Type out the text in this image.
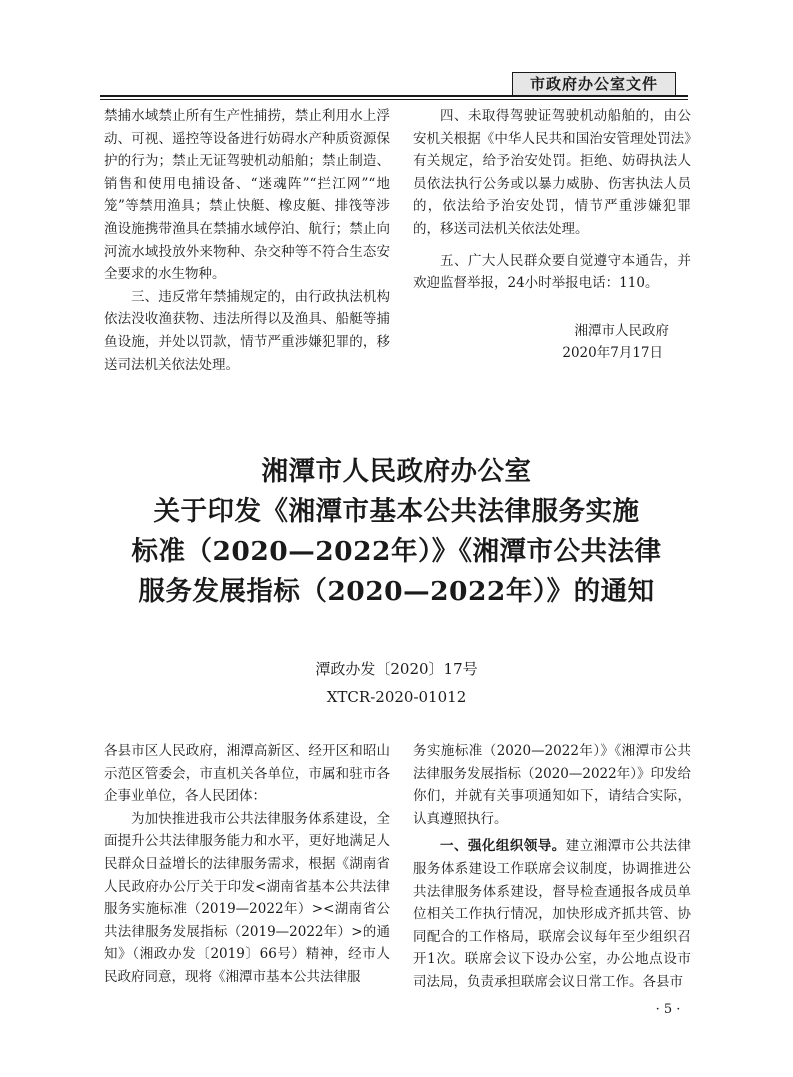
市政府办公室文件

禁捕水域禁止所有生产性捕捞，禁止利用水上浮动、可视、遥控等设备进行妨碍水产种质资源保护的行为；禁止无证驾驶机动船舶；禁止制造、销售和使用电捕设备、“迷魂阵”“拦江网”“地笼”等禁用渔具；禁止快艇、橡皮艇、排筏等涉渔设施携带渔具在禁捕水域停泊、航行；禁止向河流水域投放外来物种、杂交种等不符合生态安全要求的水生物种。

三、违反常年禁捕规定的，由行政执法机构依法没收渔获物、违法所得以及渔具、船艇等捕鱼设施，并处以罚款，情节严重涉嫌犯罪的，移送司法机关依法处理。

四、未取得驾驶证驾驶机动船舶的，由公安机关根据《中华人民共和国治安管理处罚法》有关规定，给予治安处罚。拒绝、妨碍执法人员依法执行公务或以暴力威胁、伤害执法人员的，依法给予治安处罚，情节严重涉嫌犯罪的，移送司法机关依法处理。

五、广大人民群众要自觉遵守本通告，并欢迎监督举报，24小时举报电话：110。

湘潭市人民政府

2020年7月17日

湘潭市人民政府办公室
关于印发《湘潭市基本公共法律服务实施
标准（2020—2022年）》《湘潭市公共法律
服务发展指标（2020—2022年）》的通知
潭政办发〔2020〕17号
XTCR-2020-01012

各县市区人民政府，湘潭高新区、经开区和昭山示范区管委会，市直机关各单位，市属和驻市各企事业单位，各人民团体：

为加快推进我市公共法律服务体系建设，全面提升公共法律服务能力和水平，更好地满足人民群众日益增长的法律服务需求，根据《湖南省人民政府办公厅关于印发<湖南省基本公共法律服务实施标准（2019—2022年）><湖南省公共法律服务发展指标（2019—2022年）>的通知》（湘政办发〔2019〕66号）精神，经市人民政府同意，现将《湘潭市基本公共法律服

务实施标准（2020—2022年）》《湘潭市公共法律服务发展指标（2020—2022年）》印发给你们，并就有关事项通知如下，请结合实际，认真遵照执行。

一、强化组织领导。建立湘潭市公共法律服务体系建设工作联席会议制度，协调推进公共法律服务体系建设，督导检查通报各成员单位相关工作执行情况，加快形成齐抓共管、协同配合的工作格局，联席会议每年至少组织召开1次。联席会议下设办公室，办公地点设市司法局，负责承担联席会议日常工作。各县市

· 5 ·
